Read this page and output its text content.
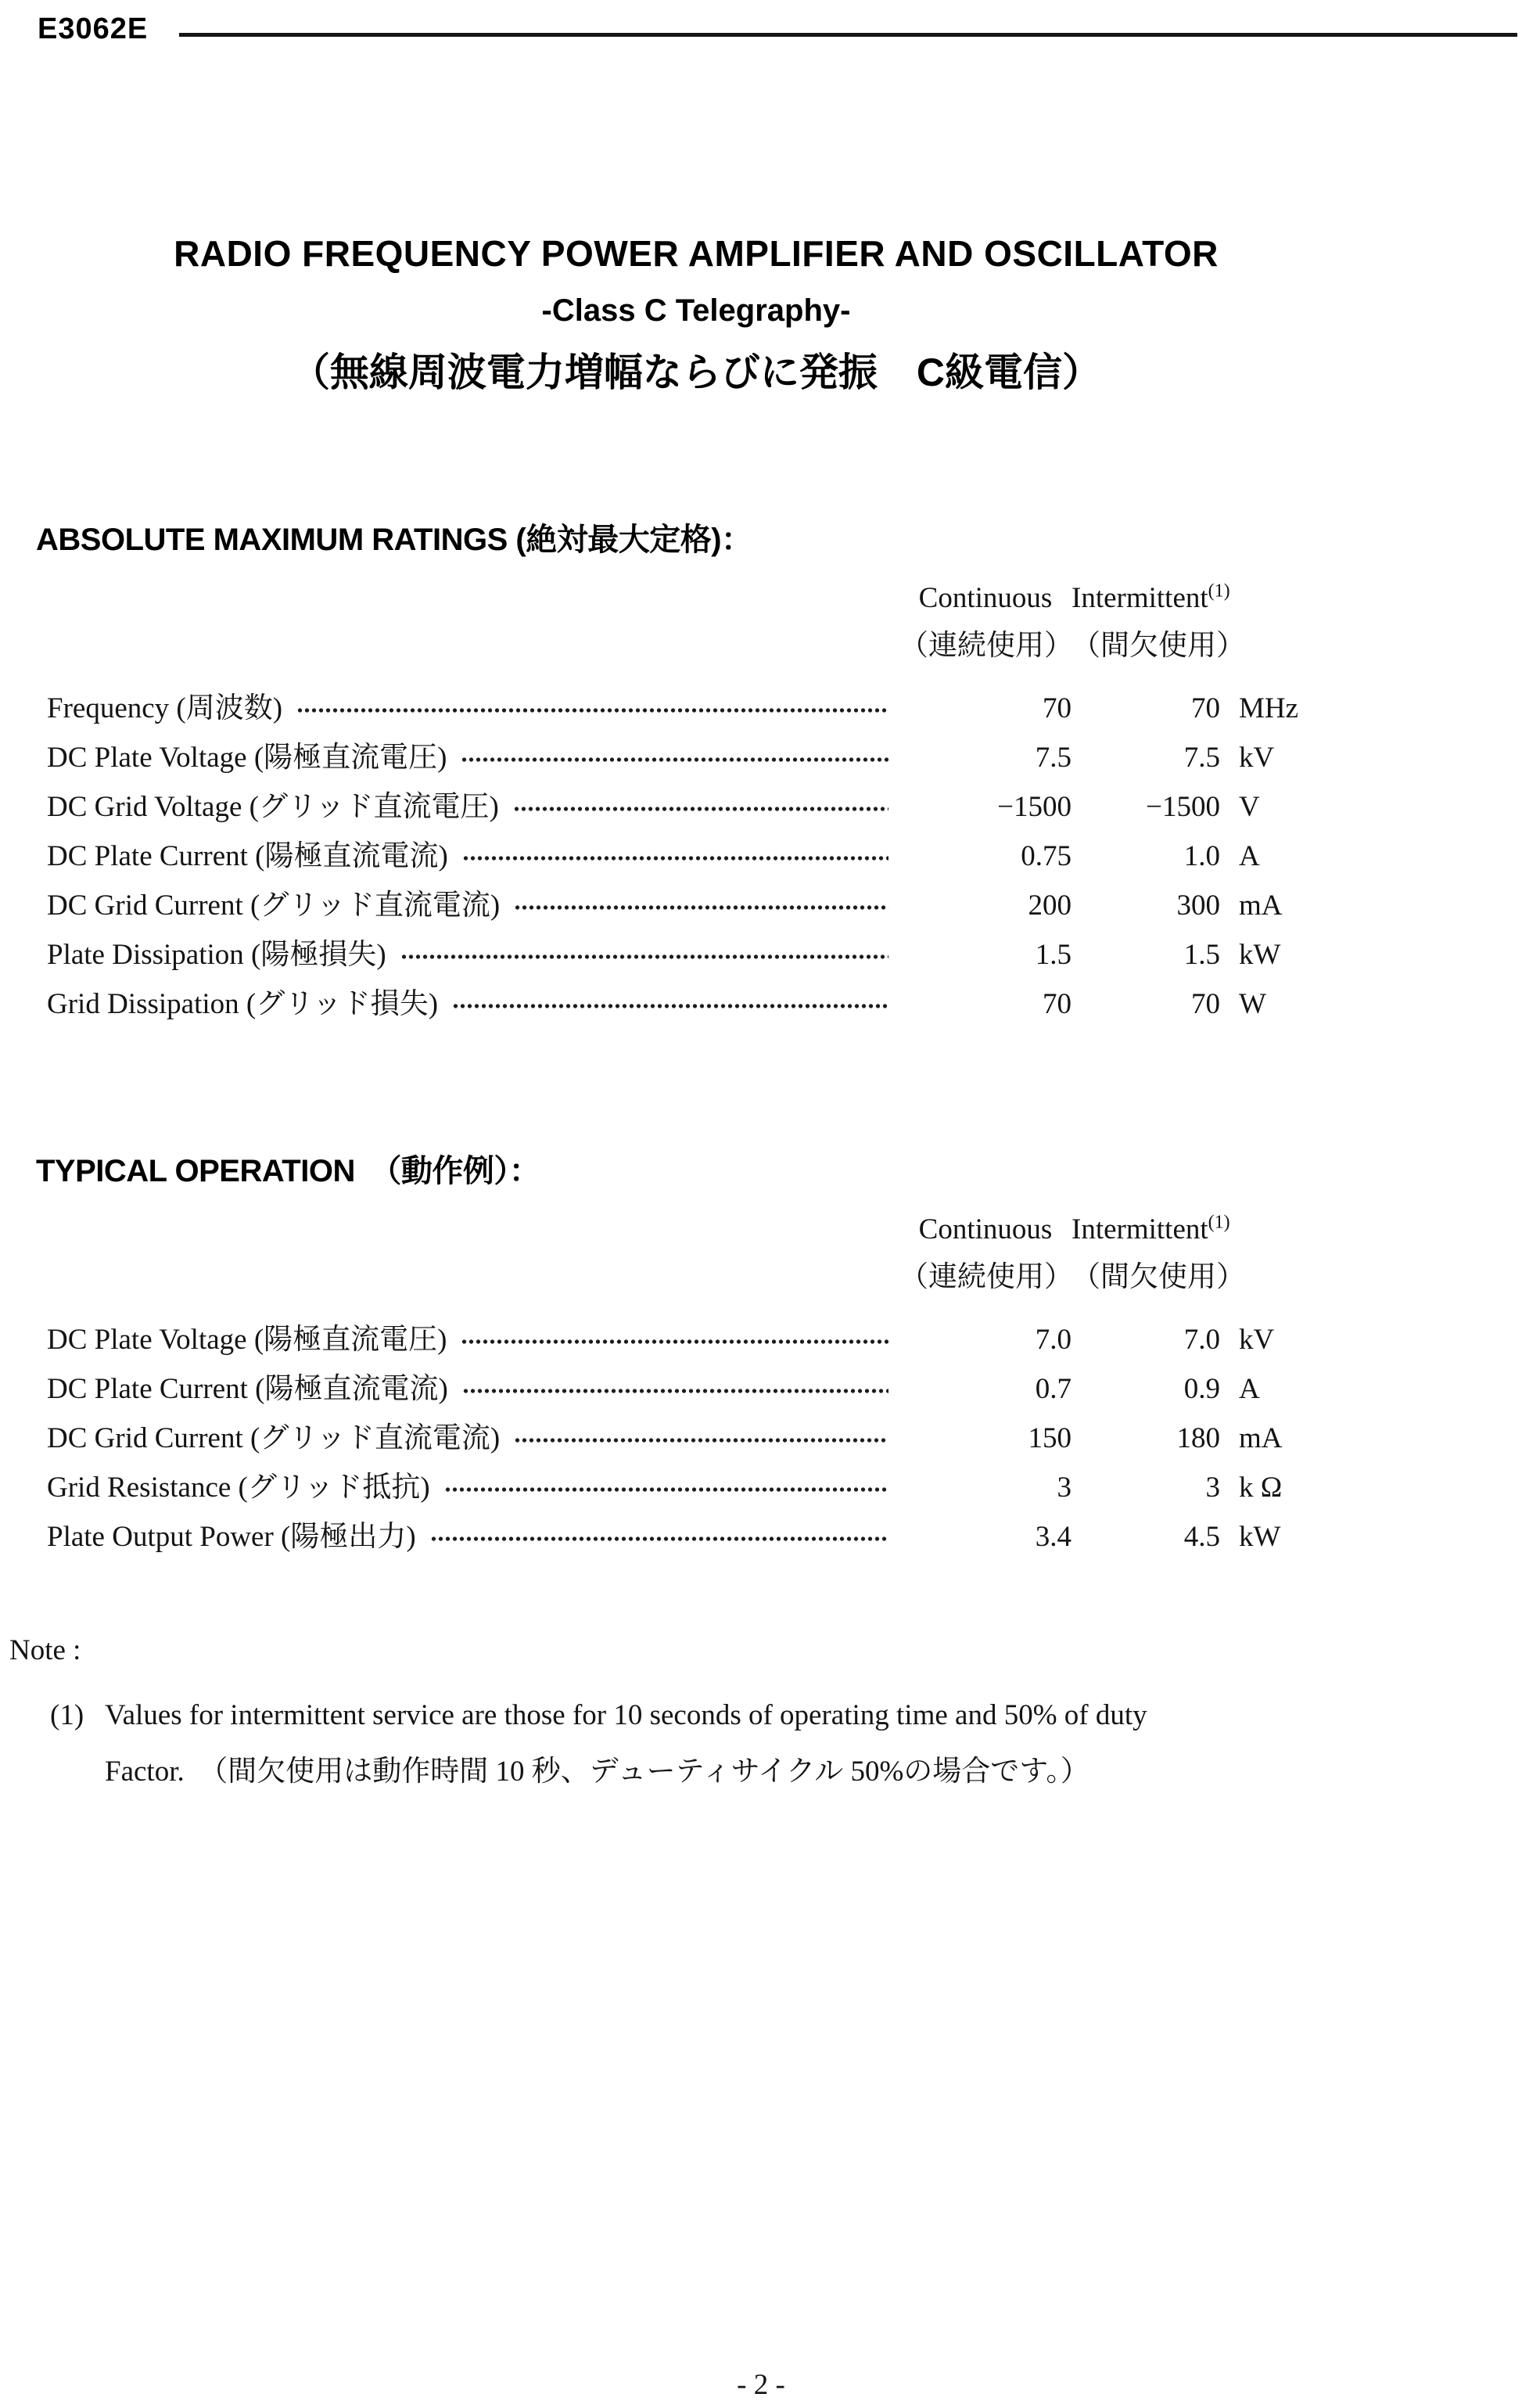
E3062E
RADIO FREQUENCY POWER AMPLIFIER AND OSCILLATOR
-Class C Telegraphy-
（無線周波電力増幅ならびに発振　C級電信）
ABSOLUTE MAXIMUM RATINGS (絶対最大定格)：
Continuous Intermittent$^{(1)}$
（連続使用）
（間欠使用）
Frequency (周波数)	70	70 MHz
DC Plate Voltage (陽極直流電圧)	7.5	7.5 kV
DC Grid Voltage (グリッド直流電圧)	−1500	−1500 V
DC Plate Current (陽極直流電流)	0.75	1.0 A
DC Grid Current (グリッド直流電流)	200	300 mA
Plate Dissipation (陽極損失)	1.5	1.5 kW
Grid Dissipation (グリッド損失)	70	70 W
TYPICAL OPERATION　（動作例）：
Continuous Intermittent$^{(1)}$
（連続使用）
（間欠使用）
DC Plate Voltage (陽極直流電圧)	7.0	7.0 kV
DC Plate Current (陽極直流電流)	0.7	0.9 A
DC Grid Current (グリッド直流電流)	150	180 mA
Grid Resistance (グリッド抵抗)	3	3 k Ω
Plate Output Power (陽極出力)	3.4	4.5 kW
Note :
(1) Values for intermittent service are those for 10 seconds of operating time and 50% of duty
Factor.　（間欠使用は動作時間 10 秒、デューティサイクル 50%の場合です。）
- 2 -
